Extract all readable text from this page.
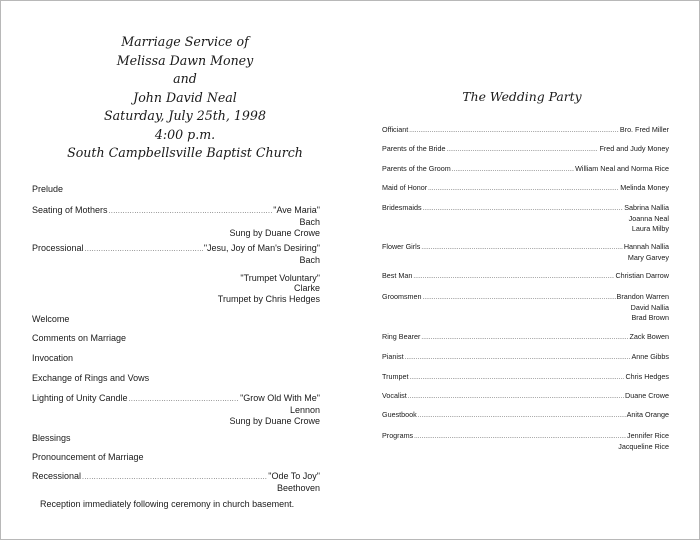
Marriage Service of
Melissa Dawn Money
and
John David Neal
Saturday, July 25th, 1998
4:00 p.m.
South Campbellsville Baptist Church
Prelude
Seating of Mothers .....	"Ave Maria"
Bach
Sung by Duane Crowe
Processional .....	"Jesu, Joy of Man's Desiring"
Bach
"Trumpet Voluntary"
Clarke
Trumpet by Chris Hedges
Welcome
Comments on Marriage
Invocation
Exchange of Rings and Vows
Lighting of Unity Candle .....	"Grow Old With Me"
Lennon
Sung by Duane Crowe
Blessings
Pronouncement of Marriage
Recessional .....	"Ode To Joy"
Beethoven
Reception immediately following ceremony in church basement.
The Wedding Party
Officiant .....	Bro. Fred Miller
Parents of the Bride .....	Fred and Judy Money
Parents of the Groom .....	William Neal and Norma Rice
Maid of Honor .....	Melinda Money
Bridesmaids .....	Sabrina Nallia
Joanna Neal
Laura Milby
Flower Girls .....	Hannah Nallia
Mary Garvey
Best Man .....	Christian Darrow
Groomsmen .....	Brandon Warren
David Nallia
Brad Brown
Ring Bearer .....	Zack Bowen
Pianist .....	Anne Gibbs
Trumpet .....	Chris Hedges
Vocalist .....	Duane Crowe
Guestbook .....	Anita Orange
Programs .....	Jennifer Rice
Jacqueline Rice
